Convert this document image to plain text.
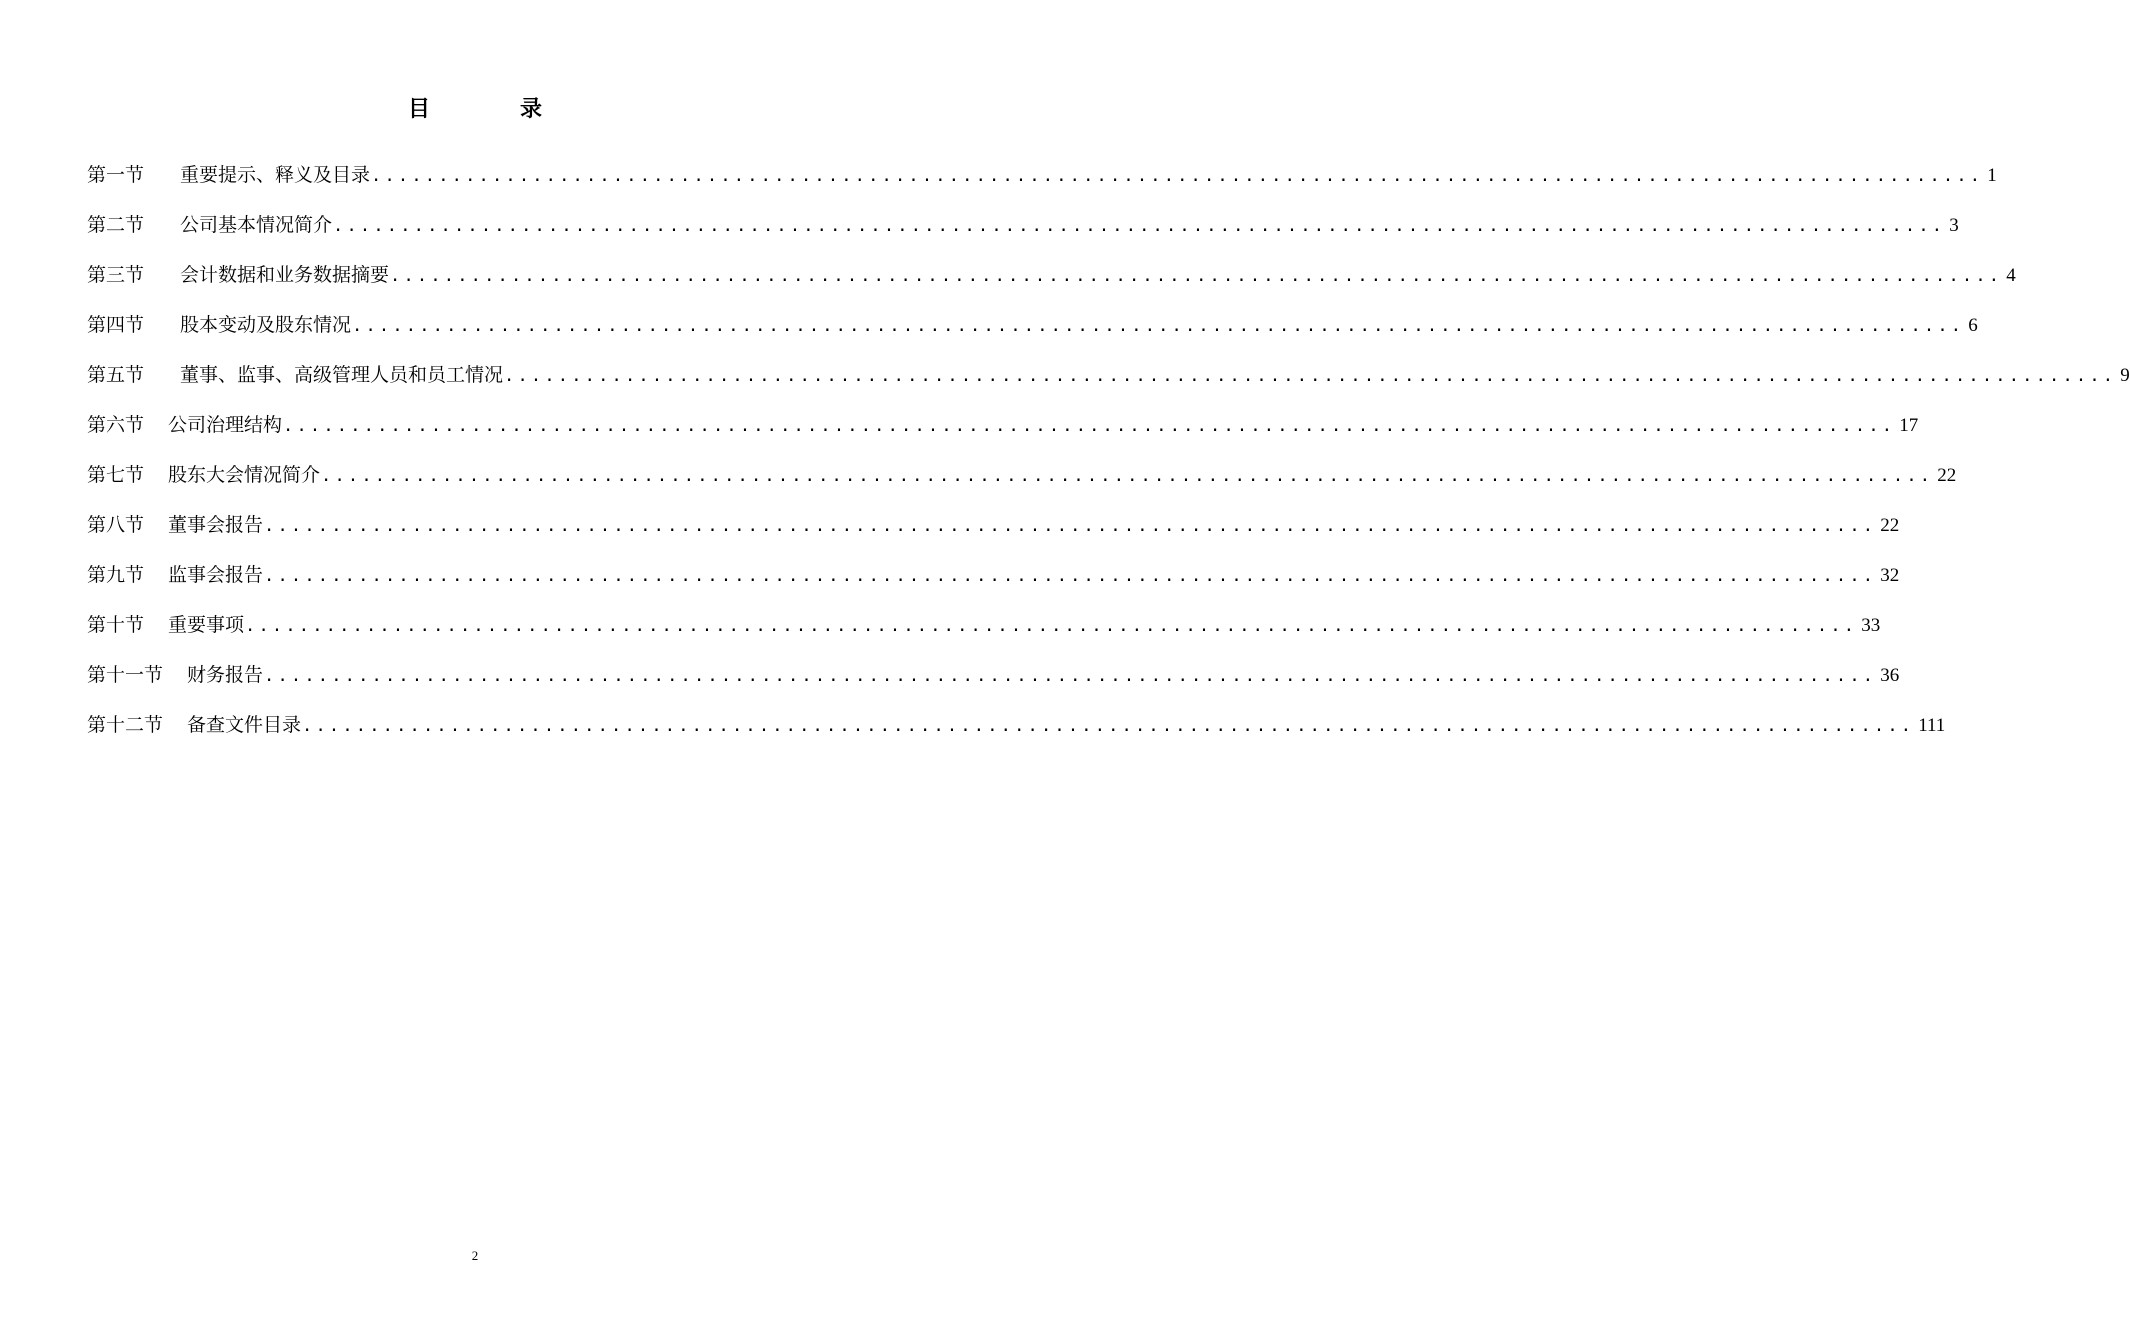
目　录
第一节 重要提示、释义及目录 ........................................................................................................................ 1
第二节 公司基本情况简介 ........................................................................................................................ 3
第三节 会计数据和业务数据摘要 ........................................................................................................................ 4
第四节 股本变动及股东情况 ........................................................................................................................ 6
第五节 董事、监事、高级管理人员和员工情况 ........................................................................................................................ 9
第六节 公司治理结构 ........................................................................................................................ 17
第七节 股东大会情况简介 ........................................................................................................................ 22
第八节 董事会报告 ........................................................................................................................ 22
第九节 监事会报告 ........................................................................................................................ 32
第十节 重要事项 ........................................................................................................................ 33
第十一节 财务报告 ........................................................................................................................ 36
第十二节 备查文件目录 ........................................................................................................................ 111
2
